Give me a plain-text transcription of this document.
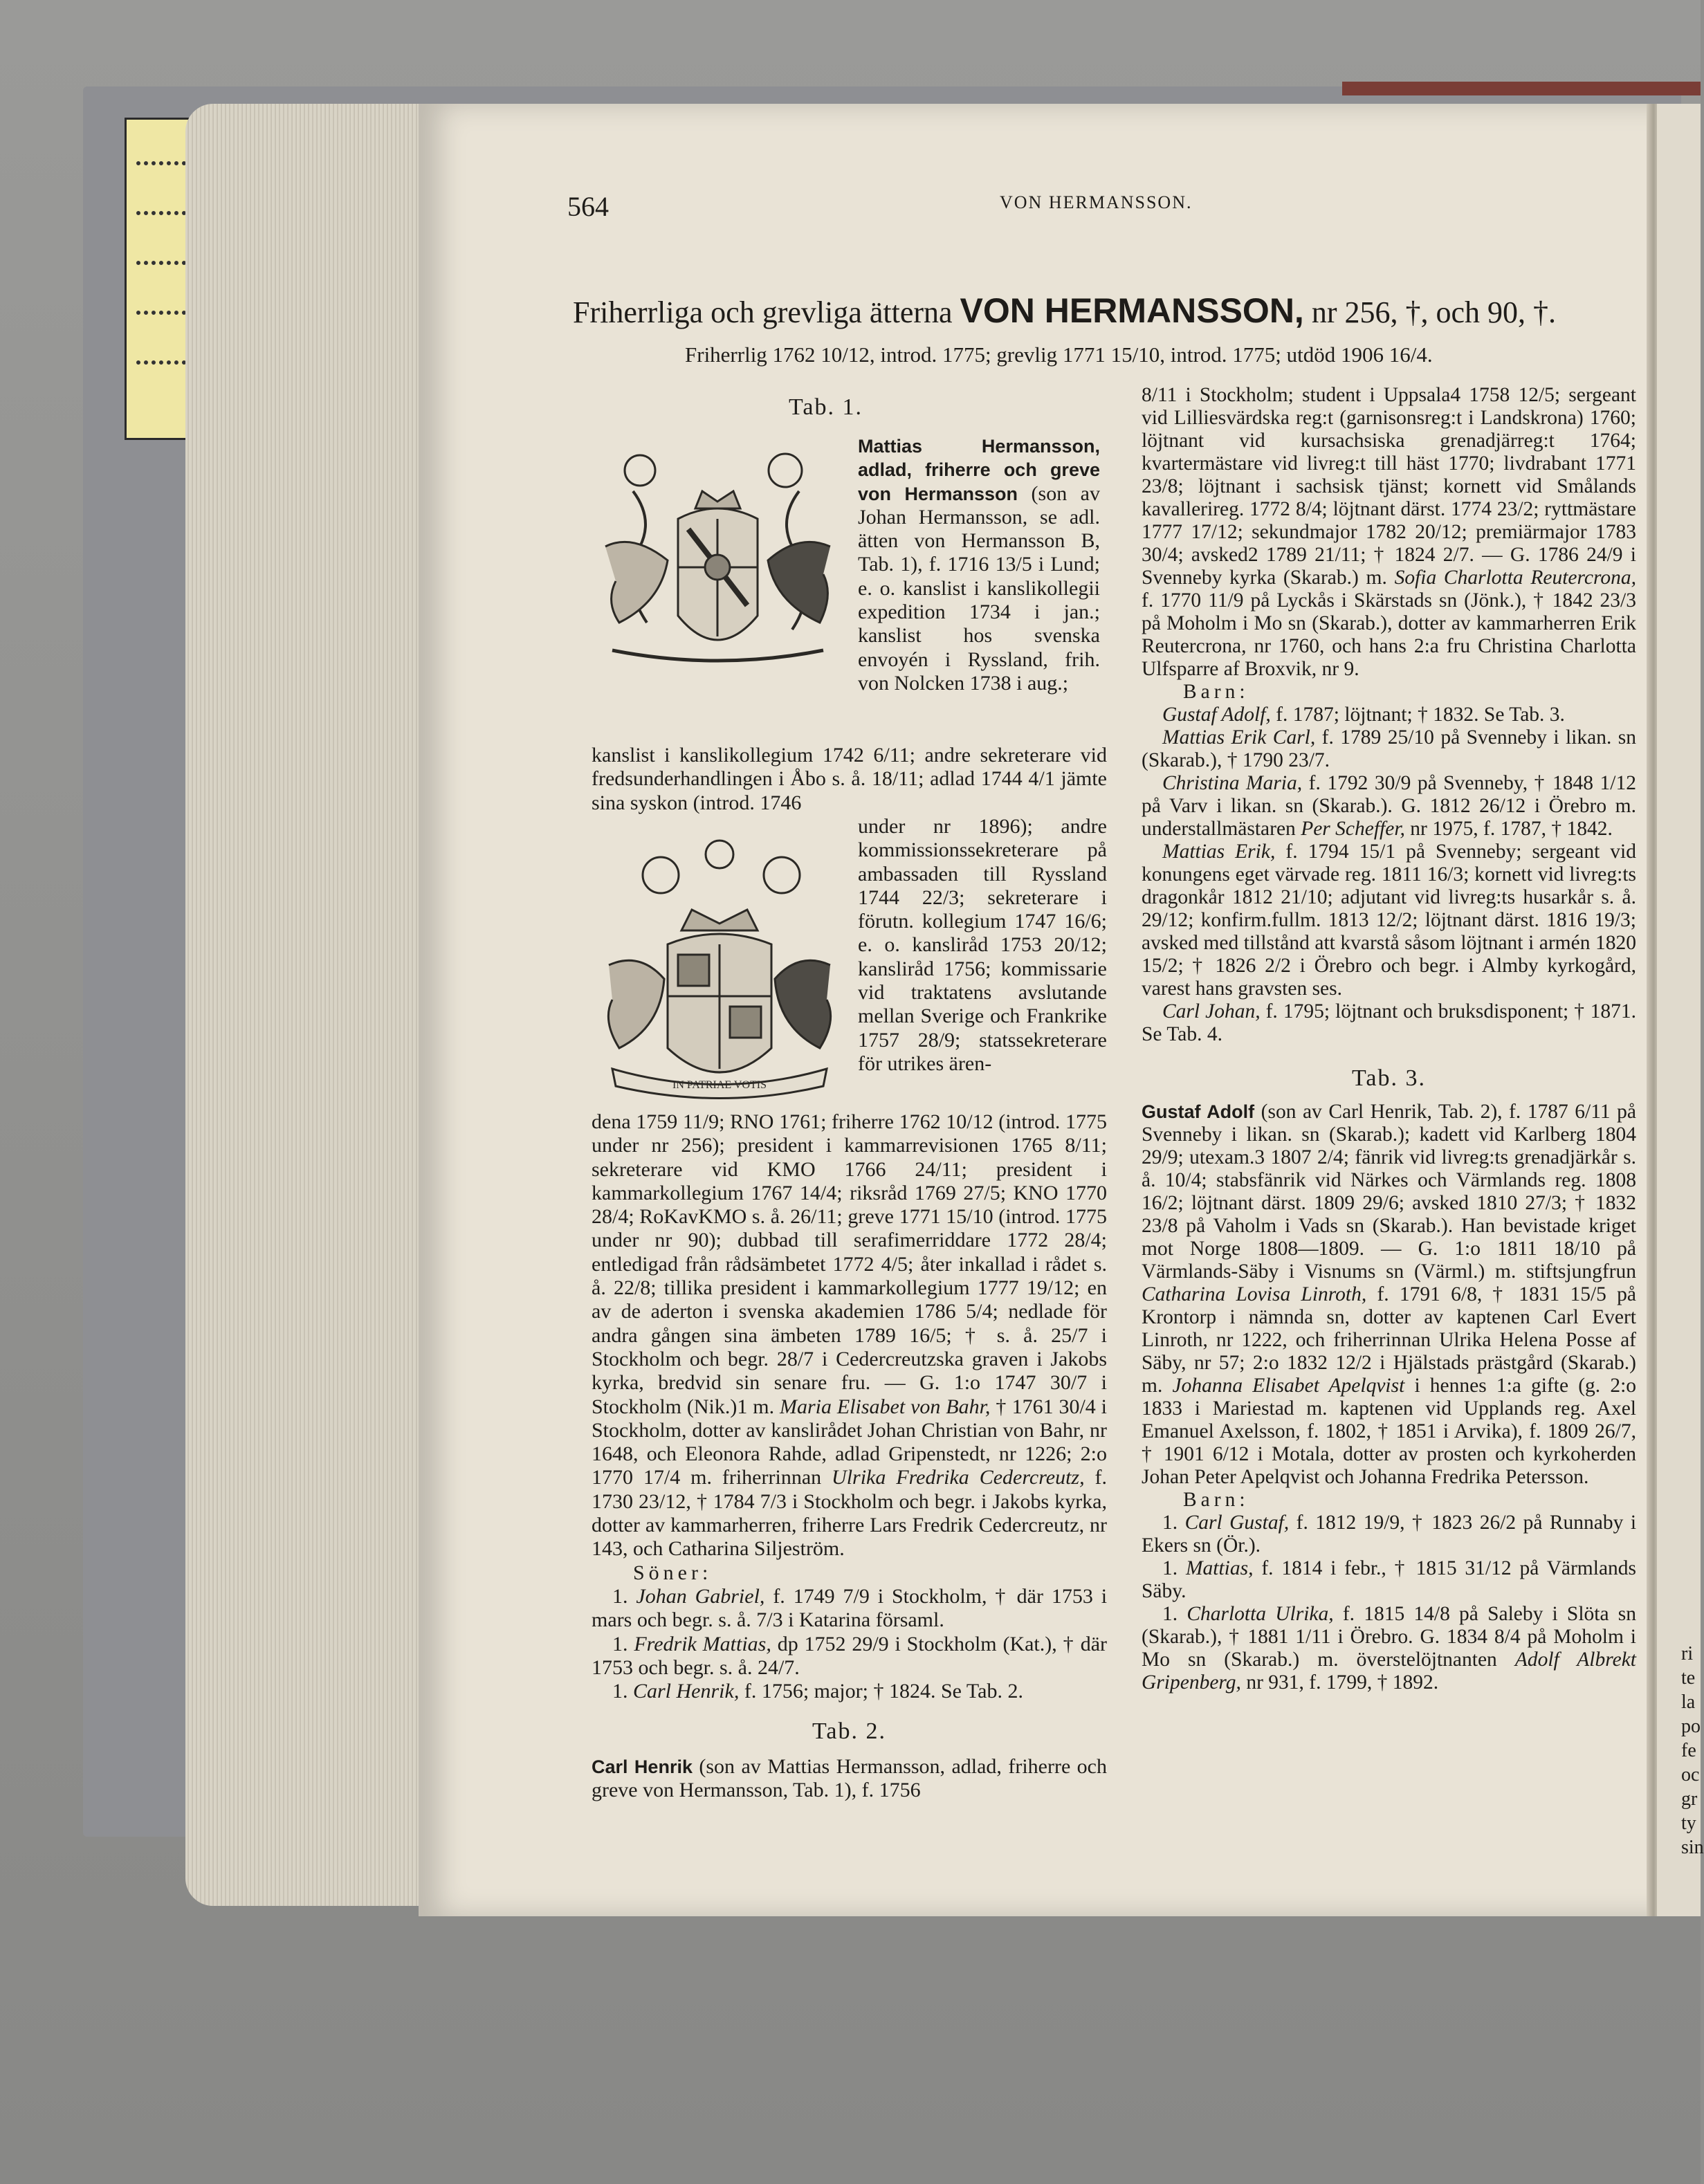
564	VON HERMANSSON.
Friherrliga och grevliga ätterna VON HERMANSSON, nr 256, †, och 90, †.
Friherrlig 1762 10/12, introd. 1775; grevlig 1771 15/10, introd. 1775; utdöd 1906 16/4.
Tab. 1.
IN PATRIAE VOTIS

Mattias Hermansson, adlad, friherre och greve von Hermansson (son av Johan Hermansson, se adl. ätten von Hermansson B, Tab. 1), f. 1716 13/5 i Lund; e. o. kanslist i kanslikollegii expedition 1734 i jan.; kanslist hos svenska envoyén i Ryssland, frih. von Nolcken 1738 i aug.;

kanslist i kanslikollegium 1742 6/11; andre sekreterare vid fredsunderhandlingen i Åbo s. å. 18/11; adlad 1744 4/1 jämte sina syskon (introd. 1746

under nr 1896); andre kommissionssekreterare på ambassaden till Ryssland 1744 22/3; sekreterare i förutn. kollegium 1747 16/6; e. o. kansliråd 1753 20/12; kansliråd 1756; kommissarie vid traktatens avslutande mellan Sverige och Frankrike 1757 28/9; statssekreterare för utrikes ären-

dena 1759 11/9; RNO 1761; friherre 1762 10/12 (introd. 1775 under nr 256); president i kammarrevisionen 1765 8/11; sekreterare vid KMO 1766 24/11; president i kammarkollegium 1767 14/4; riksråd 1769 27/5; KNO 1770 28/4; RoKavKMO s. å. 26/11; greve 1771 15/10 (introd. 1775 under nr 90); dubbad till serafimerriddare 1772 28/4; entledigad från rådsämbetet 1772 4/5; åter inkallad i rådet s. å. 22/8; tillika president i kammarkollegium 1777 19/12; en av de aderton i svenska akademien 1786 5/4; nedlade för andra gången sina ämbeten 1789 16/5; † s. å. 25/7 i Stockholm och begr. 28/7 i Cedercreutzska graven i Jakobs kyrka, bredvid sin senare fru. — G. 1:o 1747 30/7 i Stockholm (Nik.)1 m. Maria Elisabet von Bahr, † 1761 30/4 i Stockholm, dotter av kanslirådet Johan Christian von Bahr, nr 1648, och Eleonora Rahde, adlad Gripenstedt, nr 1226; 2:o 1770 17/4 m. friherrinnan Ulrika Fredrika Cedercreutz, f. 1730 23/12, † 1784 7/3 i Stockholm och begr. i Jakobs kyrka, dotter av kammarherren, friherre Lars Fredrik Cedercreutz, nr 143, och Catharina Siljeström.

Söner:

1. Johan Gabriel, f. 1749 7/9 i Stockholm, † där 1753 i mars och begr. s. å. 7/3 i Katarina församl.

1. Fredrik Mattias, dp 1752 29/9 i Stockholm (Kat.), † där 1753 och begr. s. å. 24/7.

1. Carl Henrik, f. 1756; major; † 1824. Se Tab. 2.

Tab. 2.

Carl Henrik (son av Mattias Hermansson, adlad, friherre och greve von Hermansson, Tab. 1), f. 1756

8/11 i Stockholm; student i Uppsala4 1758 12/5; sergeant vid Lilliesvärdska reg:t (garnisonsreg:t i Landskrona) 1760; löjtnant vid kursachsiska grenadjärreg:t 1764; kvartermästare vid livreg:t till häst 1770; livdrabant 1771 23/8; löjtnant i sachsisk tjänst; kornett vid Smålands kavallerireg. 1772 8/4; löjtnant därst. 1774 23/2; ryttmästare 1777 17/12; sekundmajor 1782 20/12; premiärmajor 1783 30/4; avsked2 1789 21/11; † 1824 2/7. — G. 1786 24/9 i Svenneby kyrka (Skarab.) m. Sofia Charlotta Reutercrona, f. 1770 11/9 på Lyckås i Skärstads sn (Jönk.), † 1842 23/3 på Moholm i Mo sn (Skarab.), dotter av kammarherren Erik Reutercrona, nr 1760, och hans 2:a fru Christina Charlotta Ulfsparre af Broxvik, nr 9.

Barn:

Gustaf Adolf, f. 1787; löjtnant; † 1832. Se Tab. 3.

Mattias Erik Carl, f. 1789 25/10 på Svenneby i likan. sn (Skarab.), † 1790 23/7.

Christina Maria, f. 1792 30/9 på Svenneby, † 1848 1/12 på Varv i likan. sn (Skarab.). G. 1812 26/12 i Örebro m. understallmästaren Per Scheffer, nr 1975, f. 1787, † 1842.

Mattias Erik, f. 1794 15/1 på Svenneby; sergeant vid konungens eget värvade reg. 1811 16/3; kornett vid livreg:ts dragonkår 1812 21/10; adjutant vid livreg:ts husarkår s. å. 29/12; konfirm.fullm. 1813 12/2; löjtnant därst. 1816 19/3; avsked med tillstånd att kvarstå såsom löjtnant i armén 1820 15/2; † 1826 2/2 i Örebro och begr. i Almby kyrkogård, varest hans gravsten ses.

Carl Johan, f. 1795; löjtnant och bruksdisponent; † 1871. Se Tab. 4.

Tab. 3.

Gustaf Adolf (son av Carl Henrik, Tab. 2), f. 1787 6/11 på Svenneby i likan. sn (Skarab.); kadett vid Karlberg 1804 29/9; utexam.3 1807 2/4; fänrik vid livreg:ts grenadjärkår s. å. 10/4; stabsfänrik vid Närkes och Värmlands reg. 1808 16/2; löjtnant därst. 1809 29/6; avsked 1810 27/3; † 1832 23/8 på Vaholm i Vads sn (Skarab.). Han bevistade kriget mot Norge 1808—1809. — G. 1:o 1811 18/10 på Värmlands-Säby i Visnums sn (Värml.) m. stiftsjungfrun Catharina Lovisa Linroth, f. 1791 6/8, † 1831 15/5 på Krontorp i nämnda sn, dotter av kaptenen Carl Evert Linroth, nr 1222, och friherrinnan Ulrika Helena Posse af Säby, nr 57; 2:o 1832 12/2 i Hjälstads prästgård (Skarab.) m. Johanna Elisabet Apelqvist i hennes 1:a gifte (g. 2:o 1833 i Mariestad m. kaptenen vid Upplands reg. Axel Emanuel Axelsson, f. 1802, † 1851 i Arvika), f. 1809 26/7, † 1901 6/12 i Motala, dotter av prosten och kyrkoherden Johan Peter Apelqvist och Johanna Fredrika Petersson.

Barn:

1. Carl Gustaf, f. 1812 19/9, † 1823 26/2 på Runnaby i Ekers sn (Ör.).

1. Mattias, f. 1814 i febr., † 1815 31/12 på Värmlands Säby.

1. Charlotta Ulrika, f. 1815 14/8 på Saleby i Slöta sn (Skarab.), † 1881 1/11 i Örebro. G. 1834 8/4 på Moholm i Mo sn (Skarab.) m. överstelöjtnanten Adolf Albrekt Gripenberg, nr 931, f. 1799, † 1892.

ri
te
la
po
fe
oc
gr
ty
sin
